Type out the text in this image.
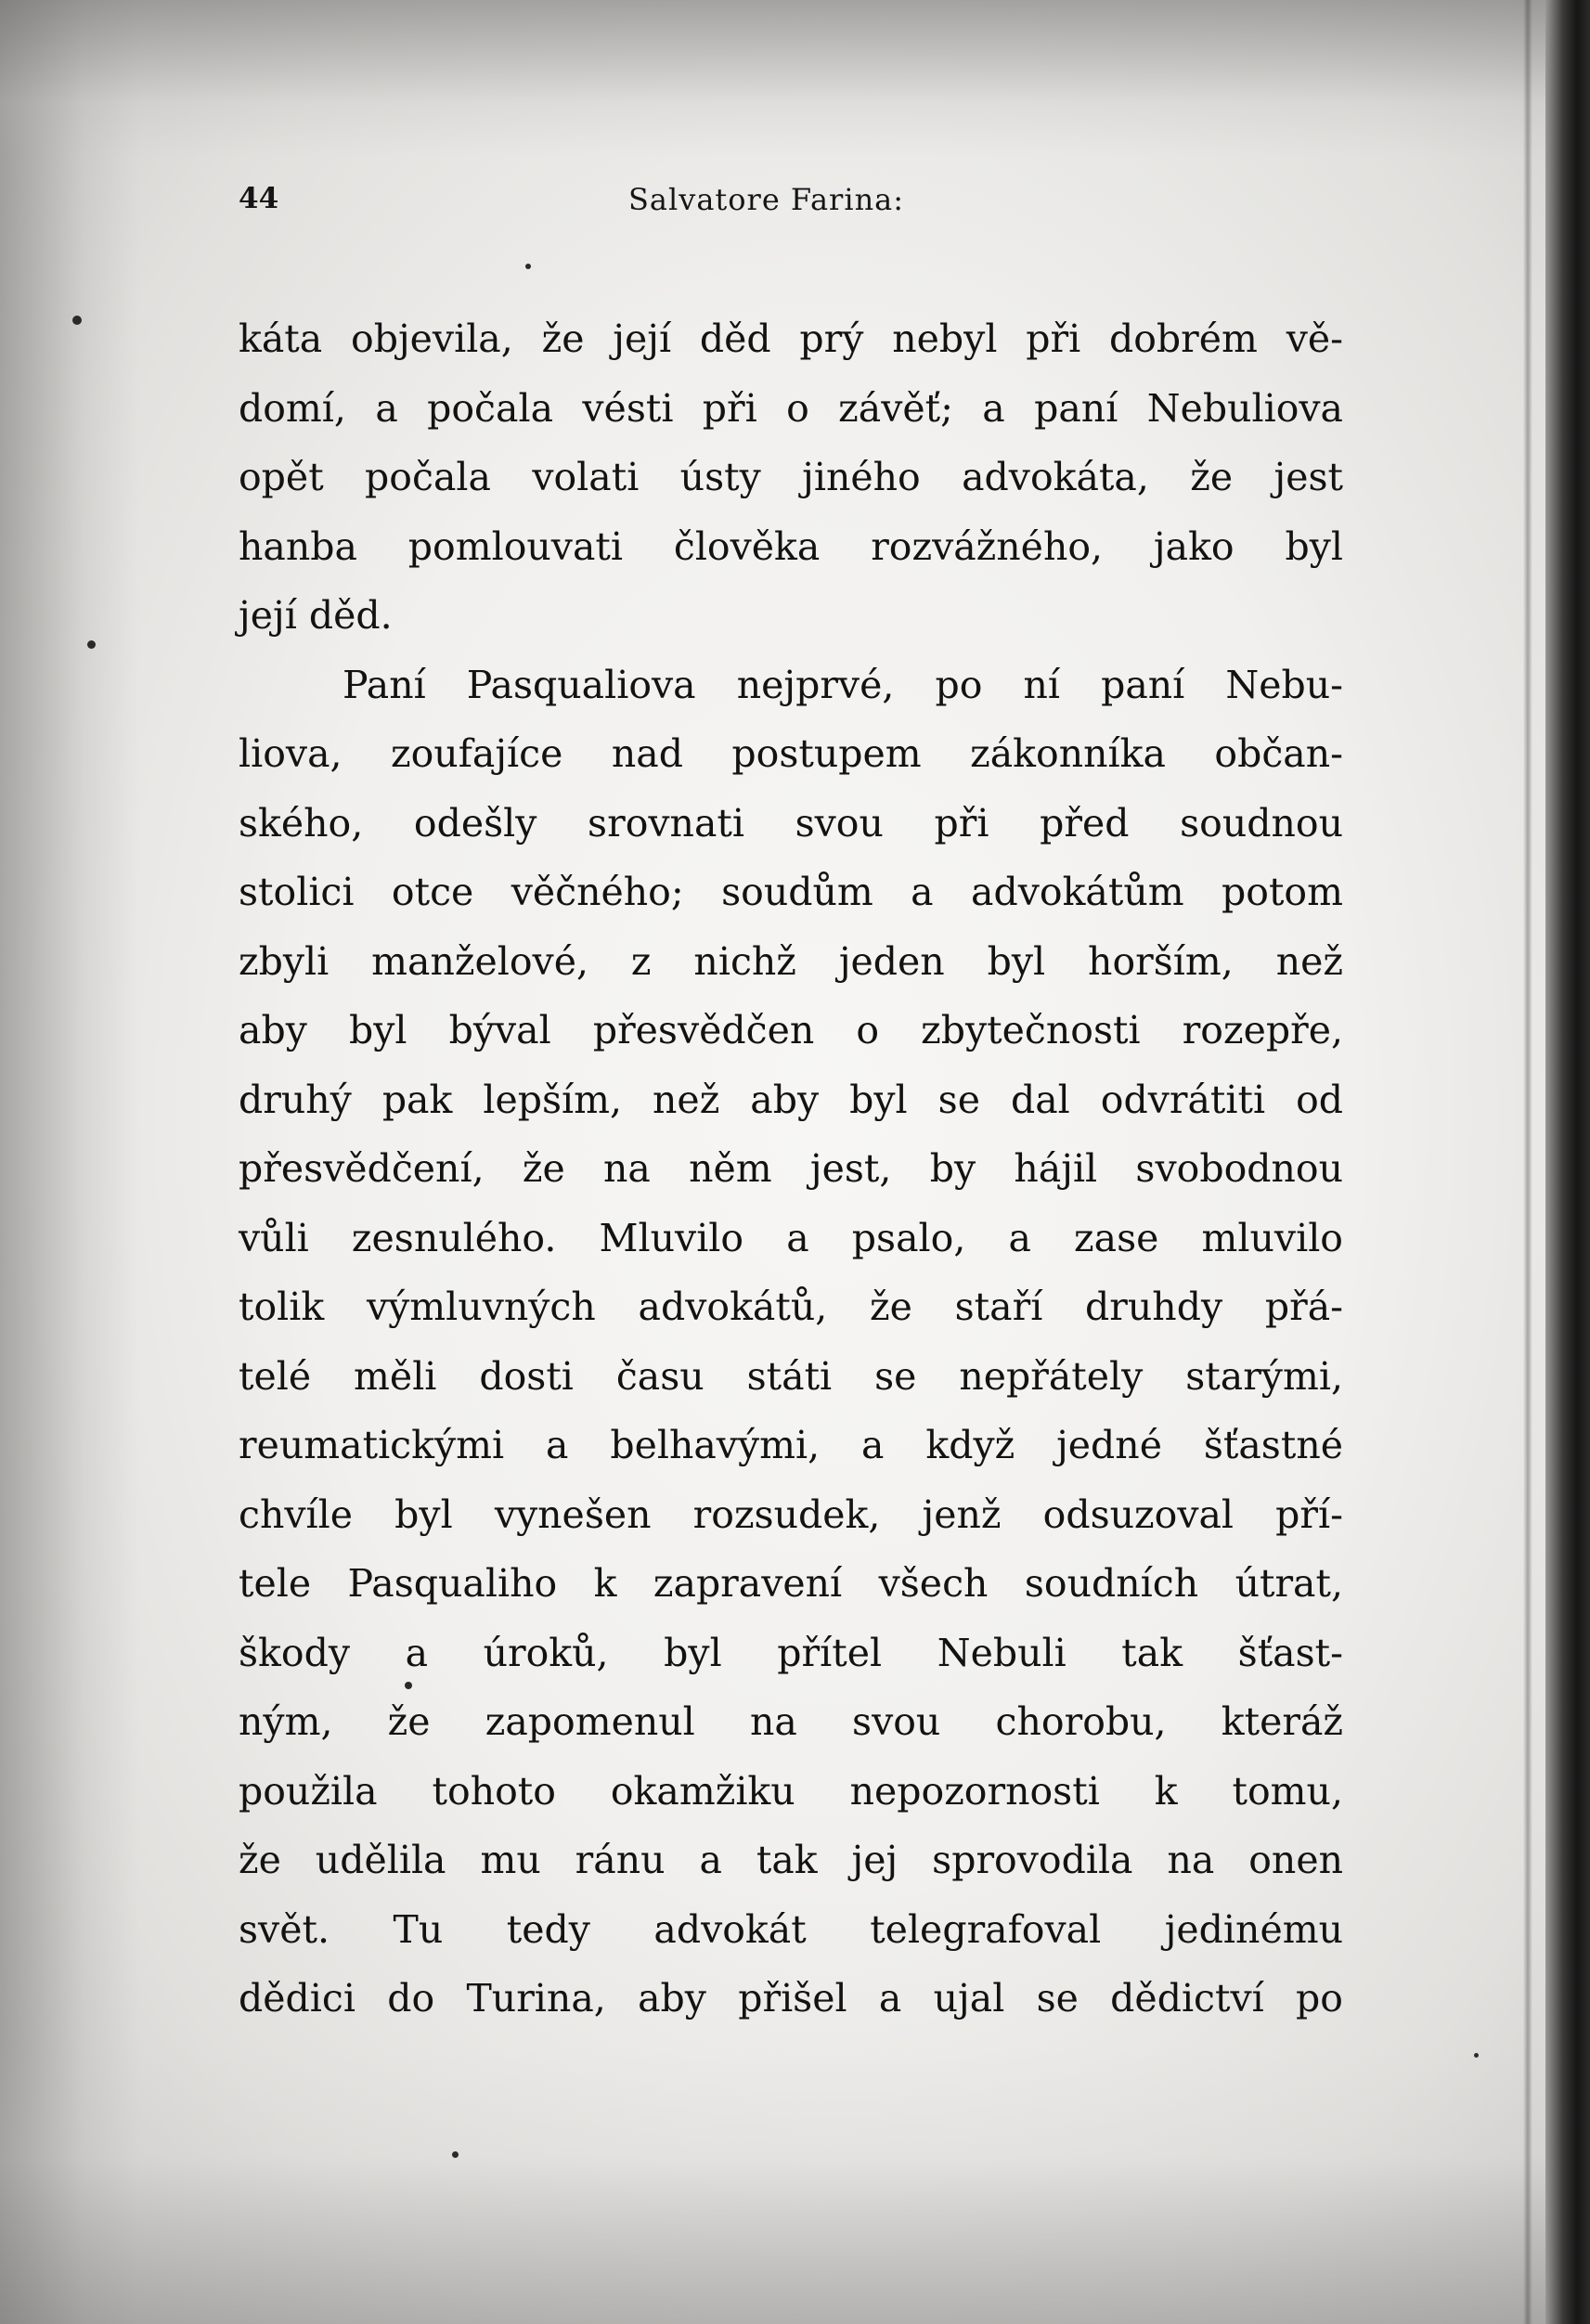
44	Salvatore Farina:
káta objevila, že její děd prý nebyl při dobrém vě-
domí, a počala vésti při o závěť; a paní Nebuliova
opět počala volati ústy jiného advokáta, že jest
hanba pomlouvati člověka rozvážného, jako byl
její děd.
Paní Pasqualiova nejprvé, po ní paní Nebu-
liova, zoufajíce nad postupem zákonníka občan-
ského, odešly srovnati svou při před soudnou
stolici otce věčného; soudům a advokátům potom
zbyli manželové, z nichž jeden byl horším, než
aby byl býval přesvědčen o zbytečnosti rozepře,
druhý pak lepším, než aby byl se dal odvrátiti od
přesvědčení, že na něm jest, by hájil svobodnou
vůli zesnulého. Mluvilo a psalo, a zase mluvilo
tolik výmluvných advokátů, že staří druhdy přá-
telé měli dosti času státi se nepřátely starými,
reumatickými a belhavými, a když jedné šťastné
chvíle byl vynešen rozsudek, jenž odsuzoval pří-
tele Pasqualiho k zapravení všech soudních útrat,
škody a úroků, byl přítel Nebuli tak šťast-
ným, že zapomenul na svou chorobu, kteráž
použila tohoto okamžiku nepozornosti k tomu,
že udělila mu ránu a tak jej sprovodila na onen
svět. Tu tedy advokát telegrafoval jedinému
dědici do Turina, aby přišel a ujal se dědictví po
